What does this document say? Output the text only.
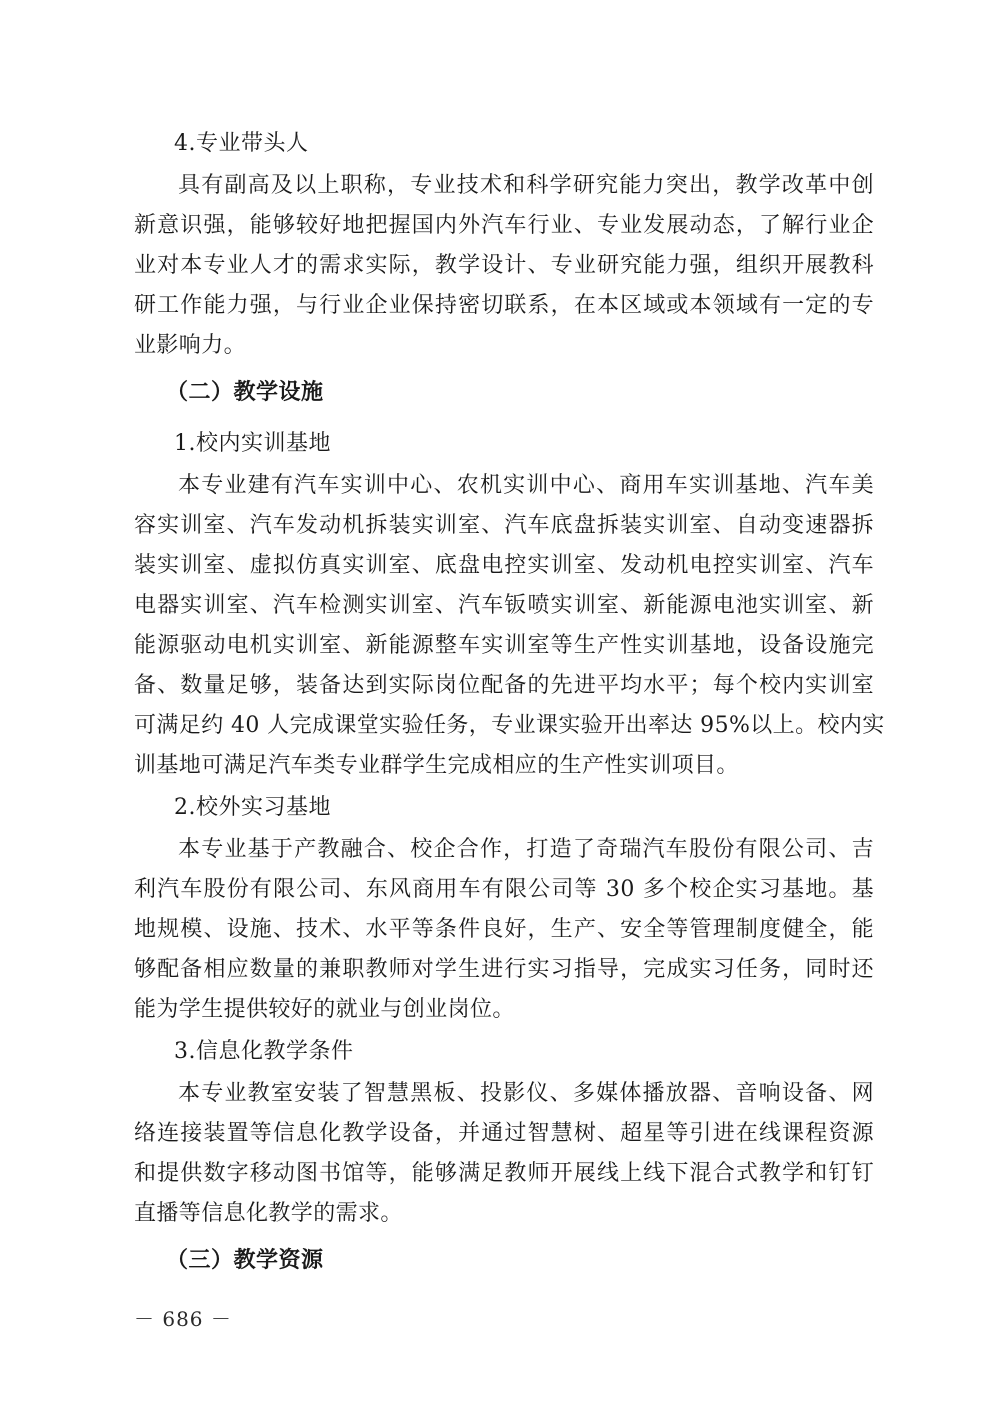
4.专业带头人
具有副高及以上职称，专业技术和科学研究能力突出，教学改革中创
新意识强，能够较好地把握国内外汽车行业、专业发展动态，了解行业企
业对本专业人才的需求实际，教学设计、专业研究能力强，组织开展教科
研工作能力强，与行业企业保持密切联系，在本区域或本领域有一定的专
业影响力。
（二）教学设施
1.校内实训基地
本专业建有汽车实训中心、农机实训中心、商用车实训基地、汽车美
容实训室、汽车发动机拆装实训室、汽车底盘拆装实训室、自动变速器拆
装实训室、虚拟仿真实训室、底盘电控实训室、发动机电控实训室、汽车
电器实训室、汽车检测实训室、汽车钣喷实训室、新能源电池实训室、新
能源驱动电机实训室、新能源整车实训室等生产性实训基地，设备设施完
备、数量足够，装备达到实际岗位配备的先进平均水平；每个校内实训室
可满足约 40 人完成课堂实验任务，专业课实验开出率达 95%以上。校内实
训基地可满足汽车类专业群学生完成相应的生产性实训项目。
2.校外实习基地
本专业基于产教融合、校企合作，打造了奇瑞汽车股份有限公司、吉
利汽车股份有限公司、东风商用车有限公司等 30 多个校企实习基地。基
地规模、设施、技术、水平等条件良好，生产、安全等管理制度健全，能
够配备相应数量的兼职教师对学生进行实习指导，完成实习任务，同时还
能为学生提供较好的就业与创业岗位。
3.信息化教学条件
本专业教室安装了智慧黑板、投影仪、多媒体播放器、音响设备、网
络连接装置等信息化教学设备，并通过智慧树、超星等引进在线课程资源
和提供数字移动图书馆等，能够满足教师开展线上线下混合式教学和钉钉
直播等信息化教学的需求。
（三）教学资源
－ 686 －
